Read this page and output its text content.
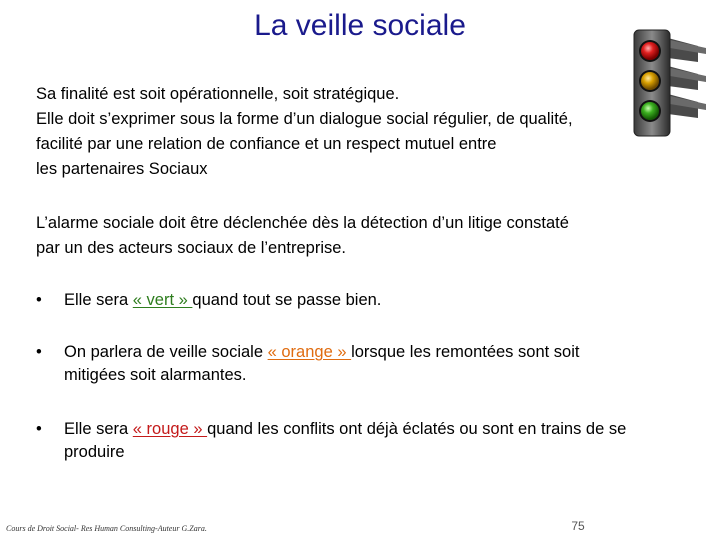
La veille sociale

Sa finalité est soit opérationnelle, soit stratégique.
Elle doit s’exprimer sous la forme d’un dialogue social régulier, de qualité,
facilité par une relation de confiance et un respect mutuel entre
les partenaires Sociaux

L’alarme sociale doit être déclenchée dès la détection d’un litige constaté
par un des acteurs sociaux de l’entreprise.

• Elle sera « vert » quand tout se passe bien.
• On parlera de veille sociale « orange » lorsque les remontées sont soit mitigées soit alarmantes.
• Elle sera « rouge » quand les conflits ont déjà éclatés ou sont en trains de se produire
Cours de Droit Social- Res Human Consulting-Auteur G.Zara.	75
